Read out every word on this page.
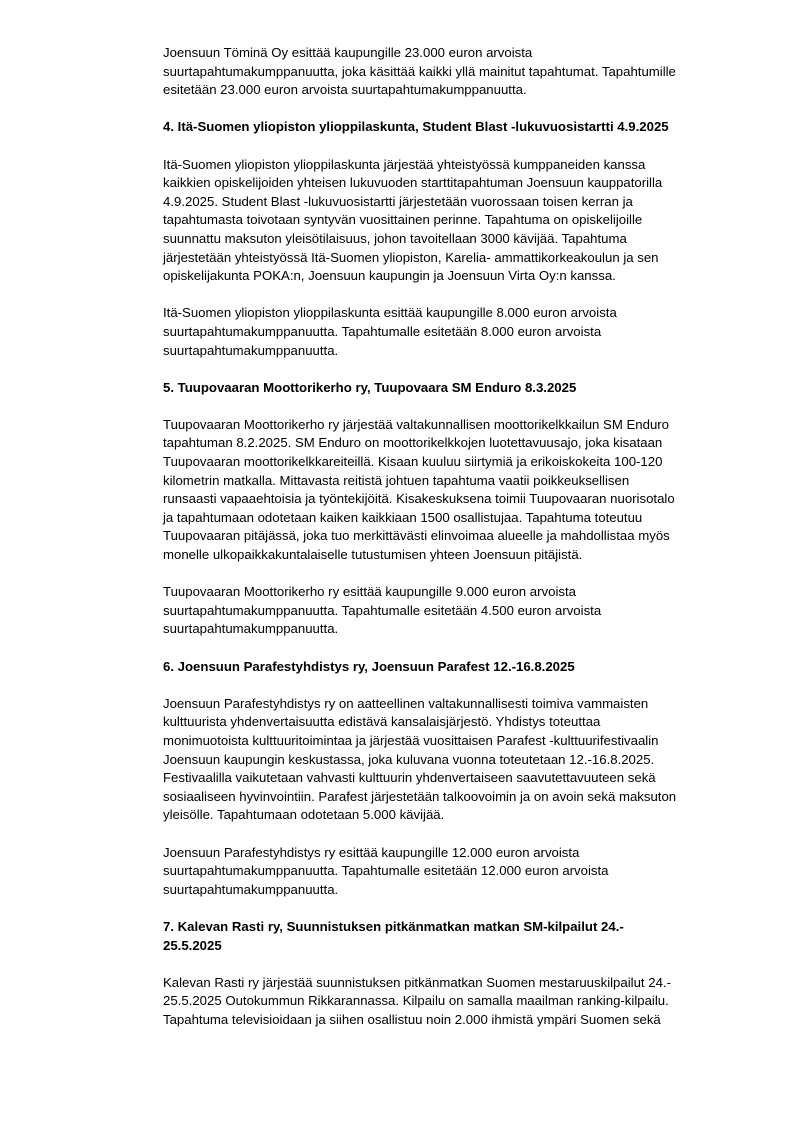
Joensuun Töminä Oy esittää kaupungille 23.000 euron arvoista
suurtapahtumakumppanuutta, joka käsittää kaikki yllä mainitut tapahtumat. Tapahtumille
esitetään 23.000 euron arvoista suurtapahtumakumppanuutta.
4. Itä-Suomen yliopiston ylioppilaskunta, Student Blast -lukuvuosistartti 4.9.2025
Itä-Suomen yliopiston ylioppilaskunta järjestää yhteistyössä kumppaneiden kanssa
kaikkien opiskelijoiden yhteisen lukuvuoden starttitapahtuman Joensuun kauppatorilla
4.9.2025. Student Blast -lukuvuosistartti järjestetään vuorossaan toisen kerran ja
tapahtumasta toivotaan syntyvän vuosittainen perinne. Tapahtuma on opiskelijoille
suunnattu maksuton yleisötilaisuus, johon tavoitellaan 3000 kävijää. Tapahtuma
järjestetään yhteistyössä Itä-Suomen yliopiston, Karelia- ammattikorkeakoulun ja sen
opiskelijakunta POKA:n, Joensuun kaupungin ja Joensuun Virta Oy:n kanssa.
Itä-Suomen yliopiston ylioppilaskunta esittää kaupungille 8.000 euron arvoista
suurtapahtumakumppanuutta. Tapahtumalle esitetään 8.000 euron arvoista
suurtapahtumakumppanuutta.
5. Tuupovaaran Moottorikerho ry, Tuupovaara SM Enduro 8.3.2025
Tuupovaaran Moottorikerho ry järjestää valtakunnallisen moottorikelkkailun SM Enduro
tapahtuman 8.2.2025. SM Enduro on moottorikelkkojen luotettavuusajo, joka kisataan
Tuupovaaran moottorikelkkareiteillä. Kisaan kuuluu siirtymiä ja erikoiskokeita 100-120
kilometrin matkalla. Mittavasta reitistä johtuen tapahtuma vaatii poikkeuksellisen
runsaasti vapaaehtoisia ja työntekijöitä. Kisakeskuksena toimii Tuupovaaran nuorisotalo
ja tapahtumaan odotetaan kaiken kaikkiaan 1500 osallistujaa. Tapahtuma toteutuu
Tuupovaaran pitäjässä, joka tuo merkittävästi elinvoimaa alueelle ja mahdollistaa myös
monelle ulkopaikkakuntalaiselle tutustumisen yhteen Joensuun pitäjistä.
Tuupovaaran Moottorikerho ry esittää kaupungille 9.000 euron arvoista
suurtapahtumakumppanuutta. Tapahtumalle esitetään 4.500 euron arvoista
suurtapahtumakumppanuutta.
6. Joensuun Parafestyhdistys ry, Joensuun Parafest 12.-16.8.2025
Joensuun Parafestyhdistys ry on aatteellinen valtakunnallisesti toimiva vammaisten
kulttuurista yhdenvertaisuutta edistävä kansalaisjärjestö. Yhdistys toteuttaa
monimuotoista kulttuuritoimintaa ja järjestää vuosittaisen Parafest -kulttuurifestivaalin
Joensuun kaupungin keskustassa, joka kuluvana vuonna toteutetaan 12.-16.8.2025.
Festivaalilla vaikutetaan vahvasti kulttuurin yhdenvertaiseen saavutettavuuteen sekä
sosiaaliseen hyvinvointiin. Parafest järjestetään talkoovoimin ja on avoin sekä maksuton
yleisölle. Tapahtumaan odotetaan 5.000 kävijää.
Joensuun Parafestyhdistys ry esittää kaupungille 12.000 euron arvoista
suurtapahtumakumppanuutta. Tapahtumalle esitetään 12.000 euron arvoista
suurtapahtumakumppanuutta.
7. Kalevan Rasti ry, Suunnistuksen pitkänmatkan matkan SM-kilpailut 24.-
25.5.2025
Kalevan Rasti ry järjestää suunnistuksen pitkänmatkan Suomen mestaruuskilpailut 24.-
25.5.2025 Outokummun Rikkarannassa. Kilpailu on samalla maailman ranking-kilpailu.
Tapahtuma televisioidaan ja siihen osallistuu noin 2.000 ihmistä ympäri Suomen sekä
